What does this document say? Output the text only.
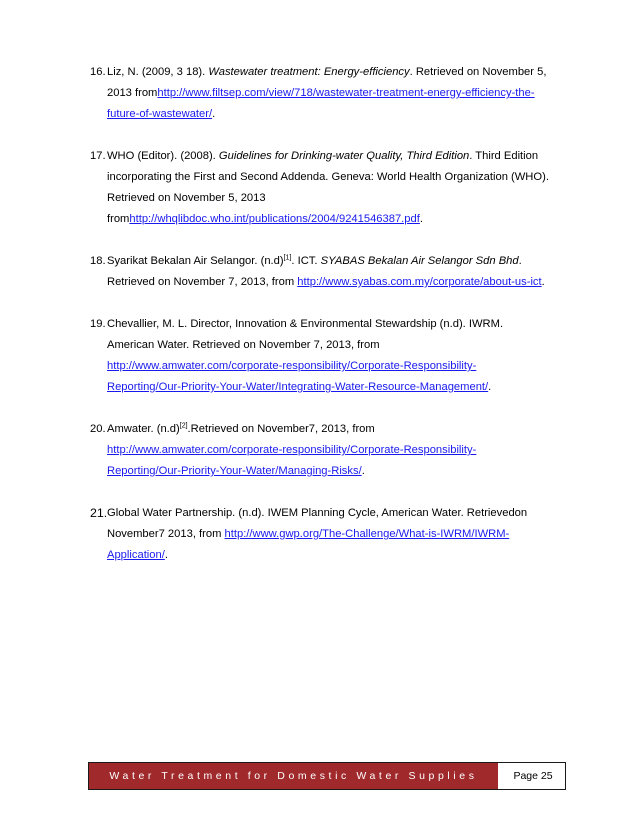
16. Liz, N. (2009, 3 18). Wastewater treatment: Energy-efficiency. Retrieved on November 5,
2013 fromhttp://www.filtsep.com/view/718/wastewater-treatment-energy-efficiency-the-
future-of-wastewater/.
17. WHO (Editor). (2008). Guidelines for Drinking-water Quality, Third Edition. Third Edition
incorporating the First and Second Addenda. Geneva: World Health Organization (WHO).
Retrieved on November 5, 2013
fromhttp://whqlibdoc.who.int/publications/2004/9241546387.pdf.
18. Syarikat Bekalan Air Selangor. (n.d)[1]. ICT. SYABAS Bekalan Air Selangor Sdn Bhd.
Retrieved on November 7, 2013, from http://www.syabas.com.my/corporate/about-us-ict.
19. Chevallier, M. L. Director, Innovation & Environmental Stewardship (n.d). IWRM.
American Water. Retrieved on November 7, 2013, from
http://www.amwater.com/corporate-responsibility/Corporate-Responsibility-
Reporting/Our-Priority-Your-Water/Integrating-Water-Resource-Management/.
20. Amwater. (n.d)[2].Retrieved on November7, 2013, from
http://www.amwater.com/corporate-responsibility/Corporate-Responsibility-
Reporting/Our-Priority-Your-Water/Managing-Risks/.
21. Global Water Partnership. (n.d). IWEM Planning Cycle, American Water. Retrievedon
November7 2013, from http://www.gwp.org/The-Challenge/What-is-IWRM/IWRM-
Application/.
Water Treatment for Domestic Water Supplies	Page 25
